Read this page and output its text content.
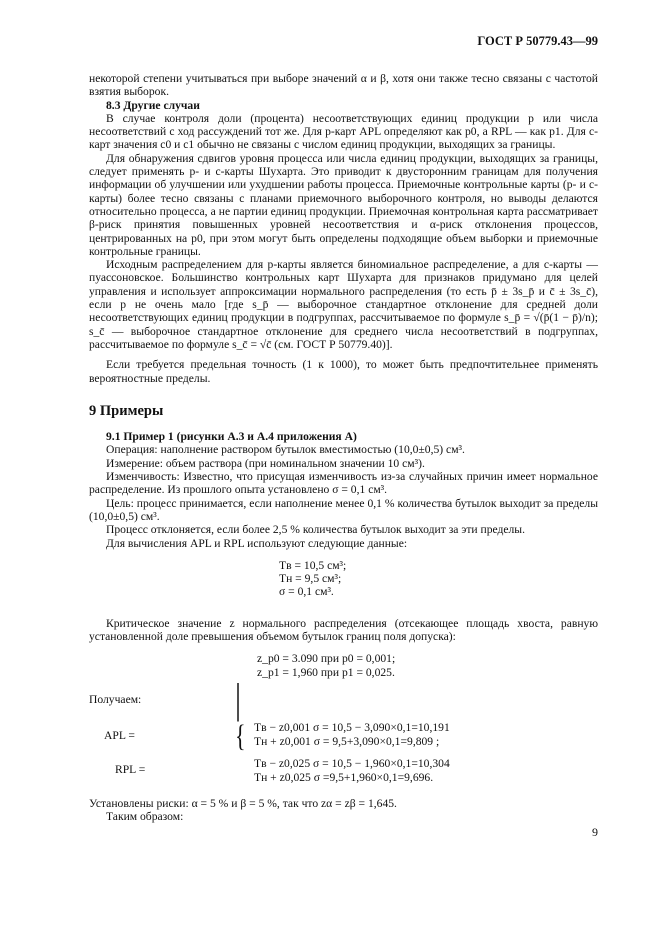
ГОСТ Р 50779.43—99

некоторой степени учитываться при выборе значений α и β, хотя они также тесно связаны с частотой взятия выборок.

8.3 Другие случаи

В случае контроля доли (процента) несоответствующих единиц продукции p или числа несоответствий с ход рассуждений тот же. Для p-карт APL определяют как p0, а RPL — как p1. Для c-карт значения c0 и c1 обычно не связаны с числом единиц продукции, выходящих за границы.

Для обнаружения сдвигов уровня процесса или числа единиц продукции, выходящих за границы, следует применять p- и c-карты Шухарта. Это приводит к двусторонним границам для получения информации об улучшении или ухудшении работы процесса. Приемочные контрольные карты (p- и c-карты) более тесно связаны с планами приемочного выборочного контроля, но выводы делаются относительно процесса, а не партии единиц продукции. Приемочная контрольная карта рассматривает β-риск принятия повышенных уровней несоответствия и α-риск отклонения процессов, центрированных на p0, при этом могут быть определены подходящие объем выборки и приемочные контрольные границы.

Исходным распределением для p-карты является биномиальное распределение, а для c-карты — пуассоновское. Большинство контрольных карт Шухарта для признаков придумано для целей управления и использует аппроксимации нормального распределения (то есть p̄ ± 3s_p̄ и c̄ ± 3s_c̄), если p не очень мало [где s_p̄ — выборочное стандартное отклонение для средней доли несоответствующих единиц продукции в подгруппах, рассчитываемое по формуле s_p̄ = √(p̄(1 − p̄)/n); s_c̄ — выборочное стандартное отклонение для среднего числа несоответствий в подгруппах, рассчитываемое по формуле s_c̄ = √c̄ (см. ГОСТ Р 50779.40)].

Если требуется предельная точность (1 к 1000), то может быть предпочтительнее применять вероятностные пределы.

9 Примеры

9.1 Пример 1 (рисунки А.3 и А.4 приложения А)

Операция: наполнение раствором бутылок вместимостью (10,0±0,5) см³.

Измерение: объем раствора (при номинальном значении 10 см³).

Изменчивость: Известно, что присущая изменчивость из-за случайных причин имеет нормальное распределение. Из прошлого опыта установлено σ = 0,1 см³.

Цель: процесс принимается, если наполнение менее 0,1 % количества бутылок выходит за пределы (10,0±0,5) см³.

Процесс отклоняется, если более 2,5 % количества бутылок выходит за эти пределы.

Для вычисления APL и RPL используют следующие данные:

Tв = 10,5 см³;

Tн = 9,5 см³;

σ = 0,1 см³.

Критическое значение z нормального распределения (отсекающее площадь хвоста, равную установленной доле превышения объемом бутылок границ поля допуска):

z_p0 = 3.090 при p0 = 0,001;

z_p1 = 1,960 при p1 = 0,025.

Получаем:	|
APL =	{ Tв − z0,001 σ = 10,5 − 3,090×0,1=10,191
Tн + z0,001 σ = 9,5+3,090×0,1=9,809 ;
RPL =	Tв − z0,025 σ = 10,5 − 1,960×0,1=10,304
Tн + z0,025 σ =9,5+1,960×0,1=9,696.

Установлены риски: α = 5 % и β = 5 %, так что zα = zβ = 1,645.

Таким образом:

9
